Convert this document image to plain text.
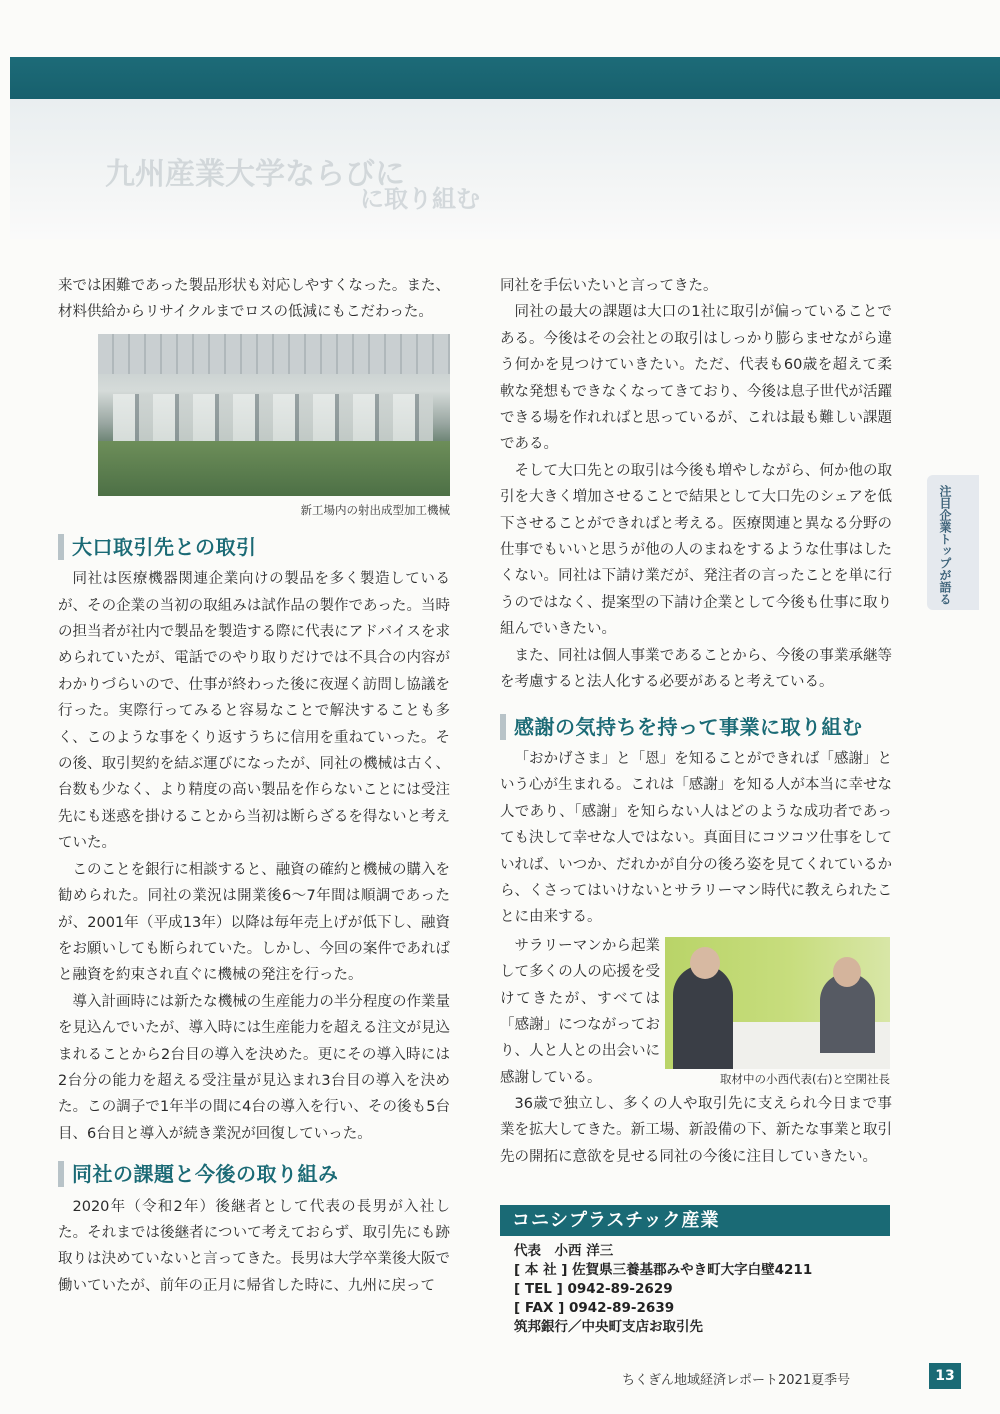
九州産業大学ならびに
に取り組む

来では困難であった製品形状も対応しやすくなった。また、材料供給からリサイクルまでロスの低減にもこだわった。

新工場内の射出成型加工機械
大口取引先との取引

同社は医療機器関連企業向けの製品を多く製造しているが、その企業の当初の取組みは試作品の製作であった。当時の担当者が社内で製品を製造する際に代表にアドバイスを求められていたが、電話でのやり取りだけでは不具合の内容がわかりづらいので、仕事が終わった後に夜遅く訪問し協議を行った。実際行ってみると容易なことで解決することも多く、このような事をくり返すうちに信用を重ねていった。その後、取引契約を結ぶ運びになったが、同社の機械は古く、台数も少なく、より精度の高い製品を作らないことには受注先にも迷惑を掛けることから当初は断らざるを得ないと考えていた。

このことを銀行に相談すると、融資の確約と機械の購入を勧められた。同社の業況は開業後6〜7年間は順調であったが、2001年（平成13年）以降は毎年売上げが低下し、融資をお願いしても断られていた。しかし、今回の案件であればと融資を約束され直ぐに機械の発注を行った。

導入計画時には新たな機械の生産能力の半分程度の作業量を見込んでいたが、導入時には生産能力を超える注文が見込まれることから2台目の導入を決めた。更にその導入時には2台分の能力を超える受注量が見込まれ3台目の導入を決めた。この調子で1年半の間に4台の導入を行い、その後も5台目、6台目と導入が続き業況が回復していった。

同社の課題と今後の取り組み

2020年（令和2年）後継者として代表の長男が入社した。それまでは後継者について考えておらず、取引先にも跡取りは決めていないと言ってきた。長男は大学卒業後大阪で働いていたが、前年の正月に帰省した時に、九州に戻って

同社を手伝いたいと言ってきた。

同社の最大の課題は大口の1社に取引が偏っていることである。今後はその会社との取引はしっかり膨らませながら違う何かを見つけていきたい。ただ、代表も60歳を超えて柔軟な発想もできなくなってきており、今後は息子世代が活躍できる場を作れればと思っているが、これは最も難しい課題である。

そして大口先との取引は今後も増やしながら、何か他の取引を大きく増加させることで結果として大口先のシェアを低下させることができればと考える。医療関連と異なる分野の仕事でもいいと思うが他の人のまねをするような仕事はしたくない。同社は下請け業だが、発注者の言ったことを単に行うのではなく、提案型の下請け企業として今後も仕事に取り組んでいきたい。

また、同社は個人事業であることから、今後の事業承継等を考慮すると法人化する必要があると考えている。

感謝の気持ちを持って事業に取り組む

「おかげさま」と「恩」を知ることができれば「感謝」という心が生まれる。これは「感謝」を知る人が本当に幸せな人であり、「感謝」を知らない人はどのような成功者であっても決して幸せな人ではない。真面目にコツコツ仕事をしていれば、いつか、だれかが自分の後ろ姿を見てくれているから、くさってはいけないとサラリーマン時代に教えられたことに由来する。

サラリーマンから起業して多くの人の応援を受けてきたが、すべては「感謝」につながっており、人と人との出会いに感謝している。	取材中の小西代表(右)と空閑社長

36歳で独立し、多くの人や取引先に支えられ今日まで事業を拡大してきた。新工場、新設備の下、新たな事業と取引先の開拓に意欲を見せる同社の今後に注目していきたい。

コニシプラスチック産業
代表　小西 洋三
[ 本 社 ] 佐賀県三養基郡みやき町大字白壁4211
[ TEL ] 0942-89-2629
[ FAX ] 0942-89-2639
筑邦銀行／中央町支店お取引先
注目企業トップが語る
ちくぎん地域経済レポート2021夏季号	13
